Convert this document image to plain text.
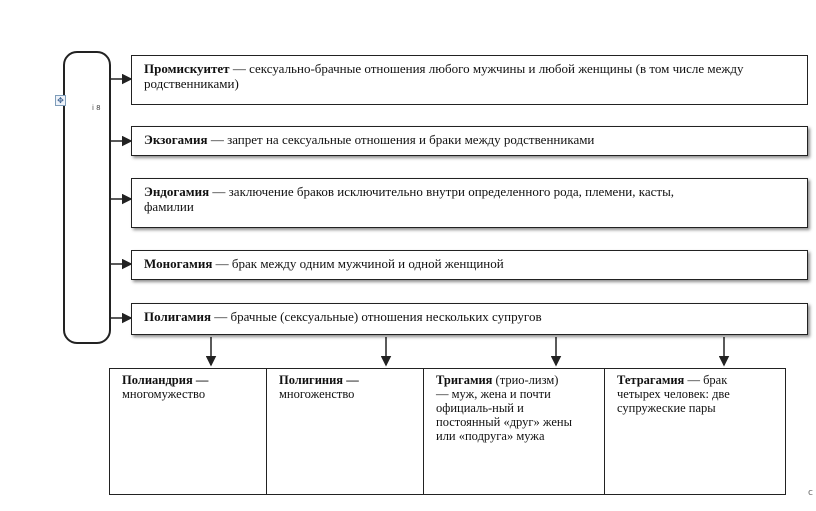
✥
i 8
Промискуитет — сексуально-брачные отношения любого мужчины и любой женщины (в том числе между родственниками)
Экзогамия — запрет на сексуальные отношения и браки между родственниками
Эндогамия — заключение браков исключительно внутри определенного рода, племени, касты, фамилии
Моногамия — брак между одним мужчиной и одной женщиной
Полигамия — брачные (сексуальные) отношения нескольких супругов
Полиандрия —
многомужество
Полигиния —
многоженство
Тригамия (трио-лизм) — муж, жена и почти официаль-ный и постоянный «друг» жены или «подруга» мужа
Тетрагамия — брак четырех человек: две супружеские пары
c
